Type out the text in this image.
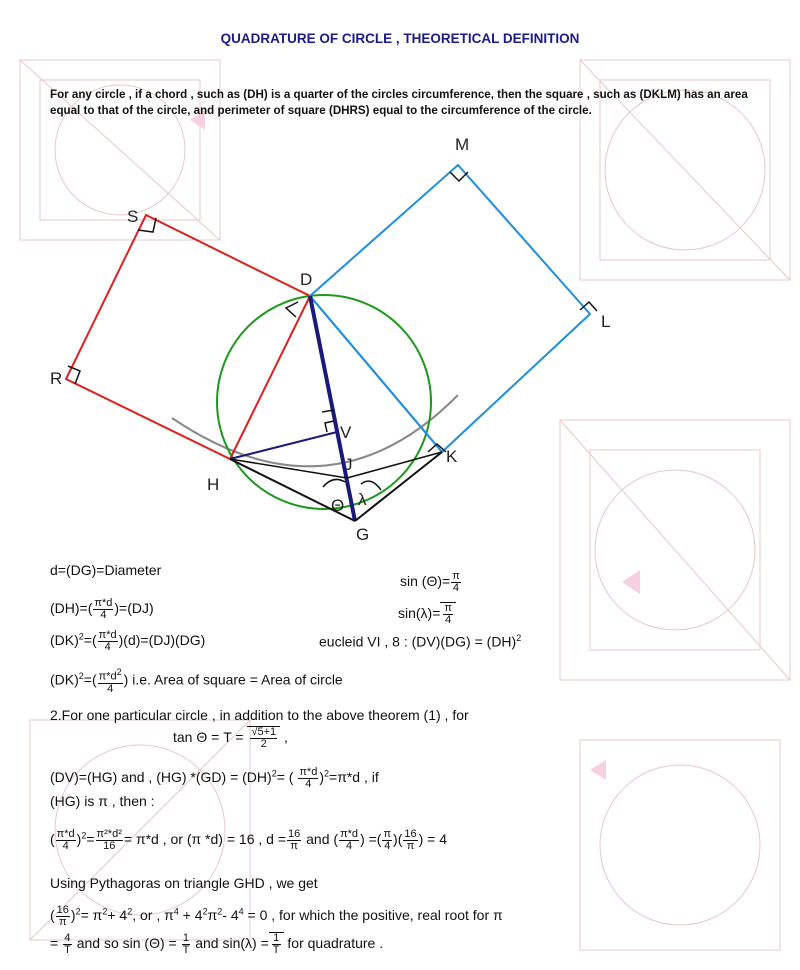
QUADRATURE OF CIRCLE , THEORETICAL DEFINITION
For any circle , if a chord , such as (DH) is a quarter of the circles circumference, then the square , such as (DKLM) has an area equal to that of the circle, and perimeter of square (DHRS) equal to the circumference of the circle.
M
S
D
L
R
V
J	K
H
G
Θ λ
d=(DG)=Diameter
$(DH)=( \frac{\pi*d}{4} )=(DJ)$
$(DK)^2=( \frac{\pi*d}{4} )(d)=(DJ)(DG)$
$(DK)^2=( \frac{\pi*d^2}{4}$ ) i.e. Area of square = Area of circle
$\sin (\Theta)= \frac{\pi}{4}$
$\sin(\lambda)= \frac{\pi}{4}$
eucleid VI , 8 : (DV)(DG) = (DH)$^2$
2.For one particular circle , in addition to the above theorem (1) , for
$\tan \Theta = T = \frac{√5+1}{2}$ ,
(DV)=(HG) and , (HG) *(GD) = (DH)$^2$= ( $\frac{\pi*d}{4} )^2=\pi*d$ , if
(HG) is π , then :
( $\frac{\pi*d}{4} )^2= \frac{\text{π²*d²}}{16} = \pi*d$ , or (π *d) = 16 , $d = \frac{16}{\pi}$ and ( $\frac{\pi*d}{4}$ ) =( $\frac{\pi}{4}$ )( $\frac{16}{\pi}$ ) = 4
Using Pythagoras on triangle GHD , we get
( $\frac{16}{\pi} )^2= \pi^2+ 4^2$, or , $\pi^4 + 4^2\pi^2-$ $4^4 = 0$ , for which the positive, real root for π
= $\frac{4}{T}$ and so $\sin (\Theta) = \frac{1}{T}$ and $\sin(\lambda) = \frac{1}{T}$ for quadrature .
